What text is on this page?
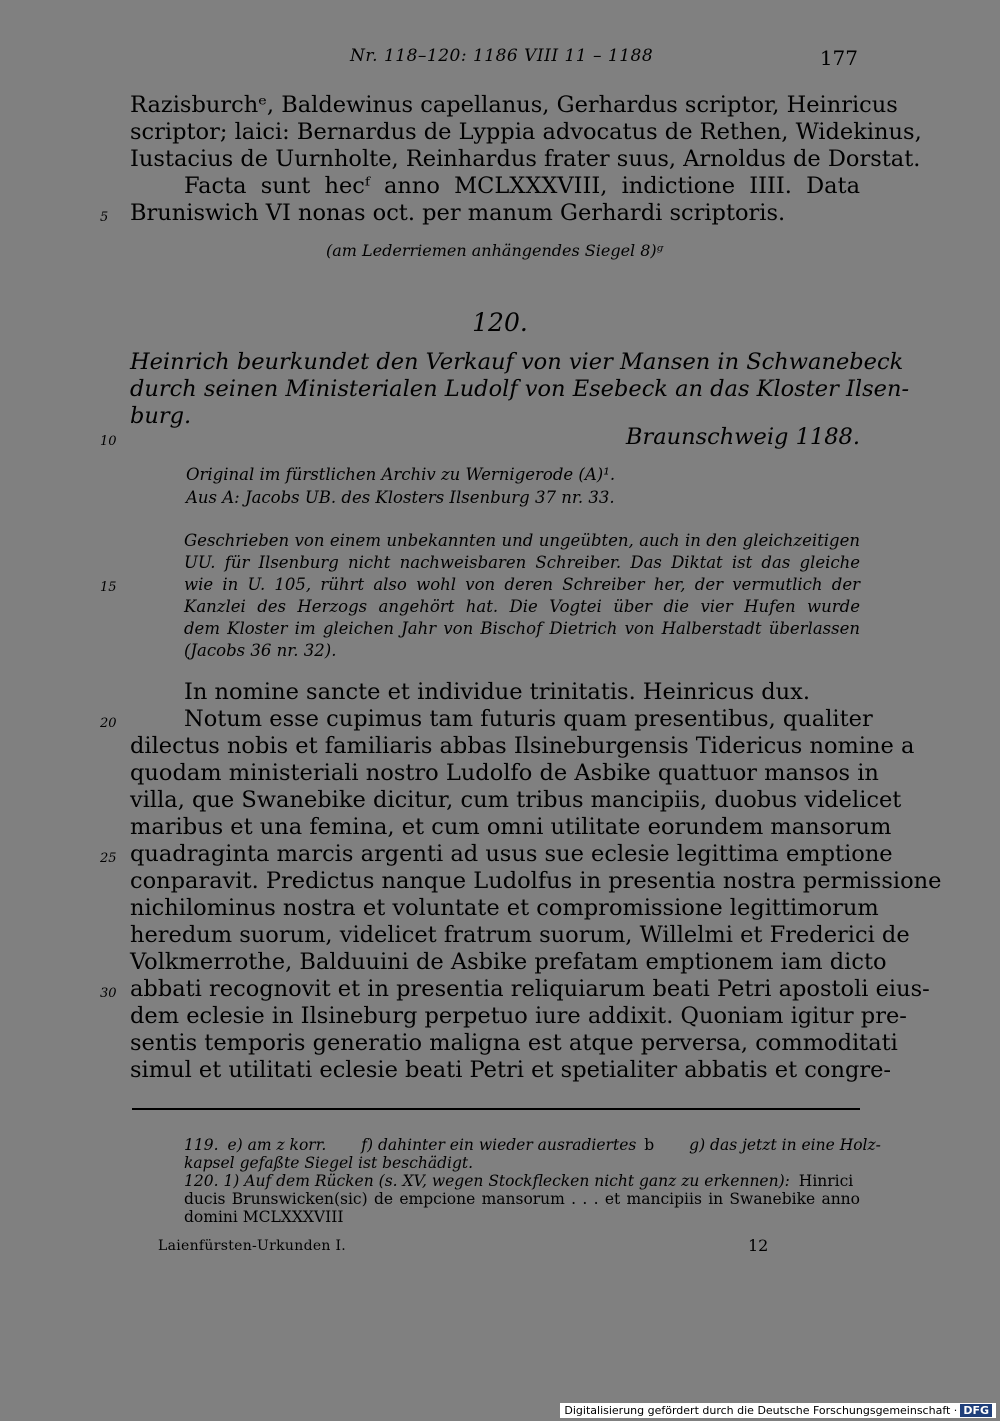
Nr. 118–120: 1186 VIII 11 – 1188	177
Razisburchᵉ, Baldewinus capellanus, Gerhardus scriptor, Heinricus
scriptor; laici: Bernardus de Lyppia advocatus de Rethen, Widekinus,
Iustacius de Uurnholte, Reinhardus frater suus, Arnoldus de Dorstat.
Facta sunt hecᶠ anno MCLXXXVIII, indictione IIII. Data
Bruniswich VI nonas oct. per manum Gerhardi scriptoris.
5
(am Lederriemen anhängendes Siegel 8)ᵍ
120.
Heinrich beurkundet den Verkauf von vier Mansen in Schwanebeck
durch seinen Ministerialen Ludolf von Esebeck an das Kloster Ilsen-
burg.
Braunschweig 1188.
10
Original im fürstlichen Archiv zu Wernigerode (A)¹.
Aus A: Jacobs UB. des Klosters Ilsenburg 37 nr. 33.
Geschrieben von einem unbekannten und ungeübten, auch in den gleichzeitigen
UU. für Ilsenburg nicht nachweisbaren Schreiber. Das Diktat ist das gleiche
wie in U. 105, rührt also wohl von deren Schreiber her, der vermutlich der
Kanzlei des Herzogs angehört hat. Die Vogtei über die vier Hufen wurde
dem Kloster im gleichen Jahr von Bischof Dietrich von Halberstadt überlassen
(Jacobs 36 nr. 32).
15
In nomine sancte et individue trinitatis. Heinricus dux.
Notum esse cupimus tam futuris quam presentibus, qualiter
dilectus nobis et familiaris abbas Ilsineburgensis Tidericus nomine a
quodam ministeriali nostro Ludolfo de Asbike quattuor mansos in
villa, que Swanebike dicitur, cum tribus mancipiis, duobus videlicet
maribus et una femina, et cum omni utilitate eorundem mansorum
quadraginta marcis argenti ad usus sue eclesie legittima emptione
conparavit. Predictus nanque Ludolfus in presentia nostra permissione
nichilominus nostra et voluntate et compromissione legittimorum
heredum suorum, videlicet fratrum suorum, Willelmi et Frederici de
Volkmerrothe, Balduuini de Asbike prefatam emptionem iam dicto
abbati recognovit et in presentia reliquiarum beati Petri apostoli eius-
dem eclesie in Ilsineburg perpetuo iure addixit. Quoniam igitur pre-
sentis temporis generatio maligna est atque perversa, commoditati
simul et utilitati eclesie beati Petri et spetialiter abbatis et congre-
20
25
30
119. e) am z korr. f) dahinter ein wieder ausradiertes b g) das jetzt in eine Holz-
kapsel gefaßte Siegel ist beschädigt.
120. 1) Auf dem Rücken (s. XV, wegen Stockflecken nicht ganz zu erkennen): Hinrici
ducis Brunswicken(sic) de empcione mansorum . . . et mancipiis in Swanebike anno
domini MCLXXXVIII
Laienfürsten-Urkunden I.	12
Digitalisierung gefördert durch die Deutsche Forschungsgemeinschaft · DFG
